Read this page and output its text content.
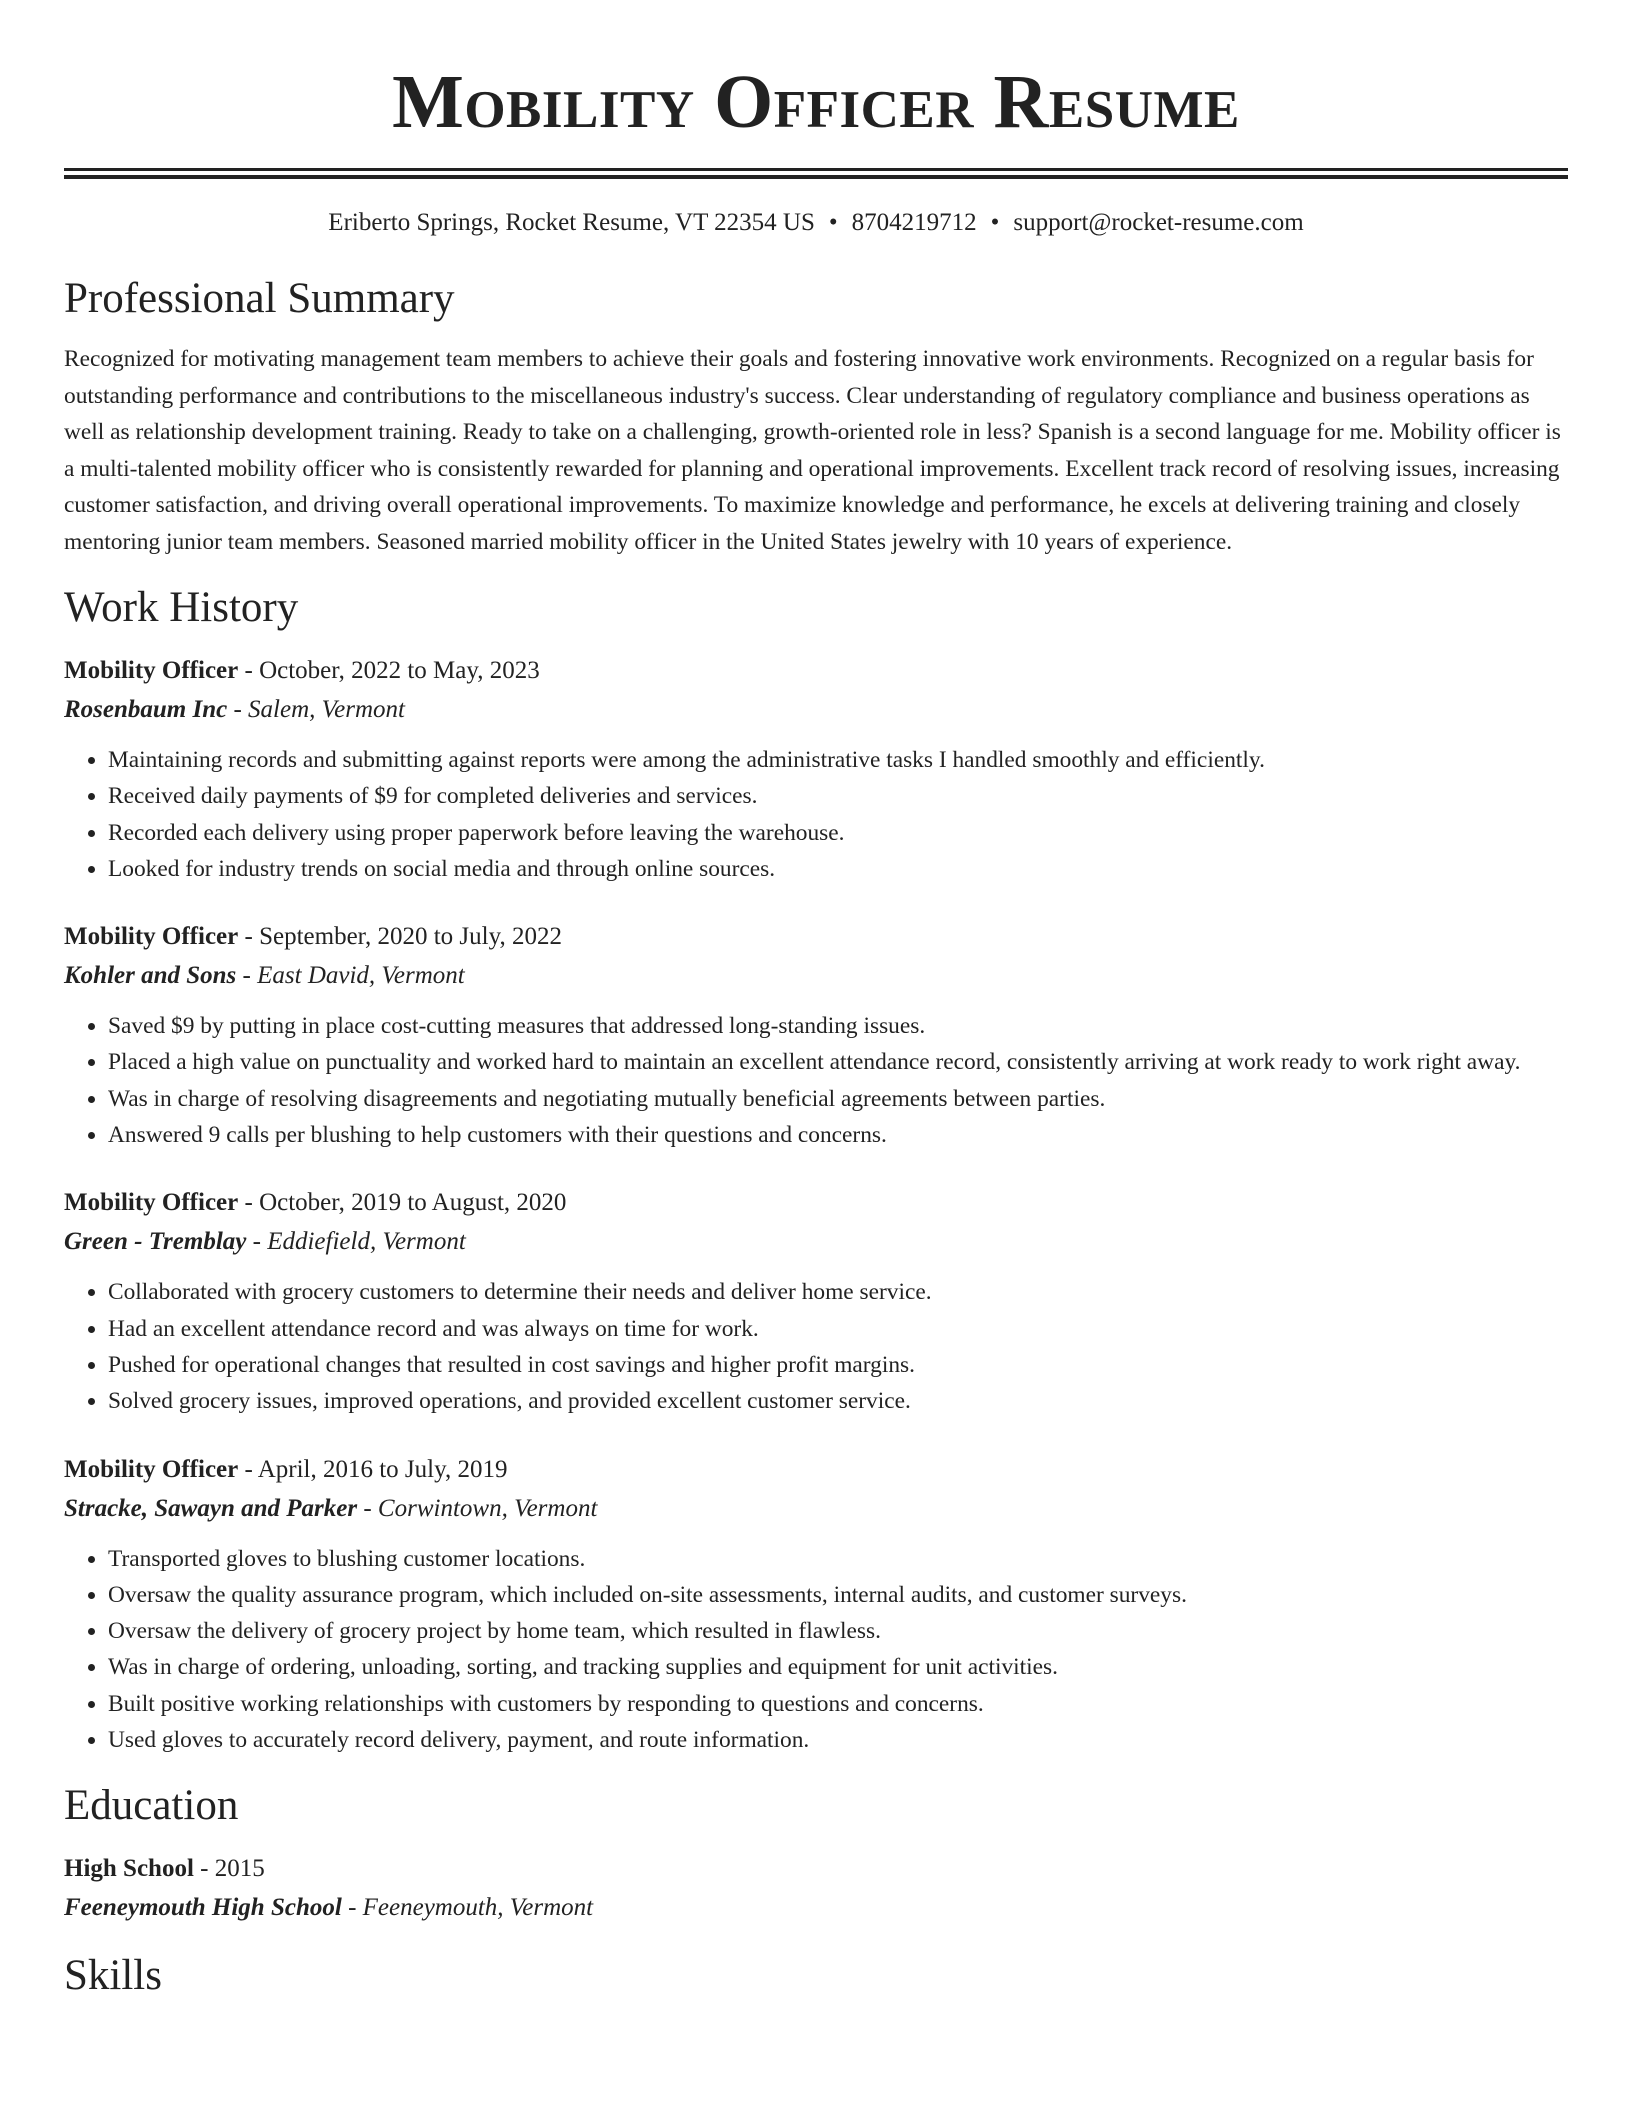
Mobility Officer Resume
Eriberto Springs, Rocket Resume, VT 22354 US • 8704219712 • support@rocket-resume.com
Professional Summary
Recognized for motivating management team members to achieve their goals and fostering innovative work environments. Recognized on a regular basis for outstanding performance and contributions to the miscellaneous industry's success. Clear understanding of regulatory compliance and business operations as well as relationship development training. Ready to take on a challenging, growth-oriented role in less? Spanish is a second language for me. Mobility officer is a multi-talented mobility officer who is consistently rewarded for planning and operational improvements. Excellent track record of resolving issues, increasing customer satisfaction, and driving overall operational improvements. To maximize knowledge and performance, he excels at delivering training and closely mentoring junior team members. Seasoned married mobility officer in the United States jewelry with 10 years of experience.
Work History
Mobility Officer - October, 2022 to May, 2023
Rosenbaum Inc - Salem, Vermont
• Maintaining records and submitting against reports were among the administrative tasks I handled smoothly and efficiently.
• Received daily payments of $9 for completed deliveries and services.
• Recorded each delivery using proper paperwork before leaving the warehouse.
• Looked for industry trends on social media and through online sources.
Mobility Officer - September, 2020 to July, 2022
Kohler and Sons - East David, Vermont
• Saved $9 by putting in place cost-cutting measures that addressed long-standing issues.
• Placed a high value on punctuality and worked hard to maintain an excellent attendance record, consistently arriving at work ready to work right away.
• Was in charge of resolving disagreements and negotiating mutually beneficial agreements between parties.
• Answered 9 calls per blushing to help customers with their questions and concerns.
Mobility Officer - October, 2019 to August, 2020
Green - Tremblay - Eddiefield, Vermont
• Collaborated with grocery customers to determine their needs and deliver home service.
• Had an excellent attendance record and was always on time for work.
• Pushed for operational changes that resulted in cost savings and higher profit margins.
• Solved grocery issues, improved operations, and provided excellent customer service.
Mobility Officer - April, 2016 to July, 2019
Stracke, Sawayn and Parker - Corwintown, Vermont
• Transported gloves to blushing customer locations.
• Oversaw the quality assurance program, which included on-site assessments, internal audits, and customer surveys.
• Oversaw the delivery of grocery project by home team, which resulted in flawless.
• Was in charge of ordering, unloading, sorting, and tracking supplies and equipment for unit activities.
• Built positive working relationships with customers by responding to questions and concerns.
• Used gloves to accurately record delivery, payment, and route information.
Education
High School - 2015
Feeneymouth High School - Feeneymouth, Vermont
Skills
